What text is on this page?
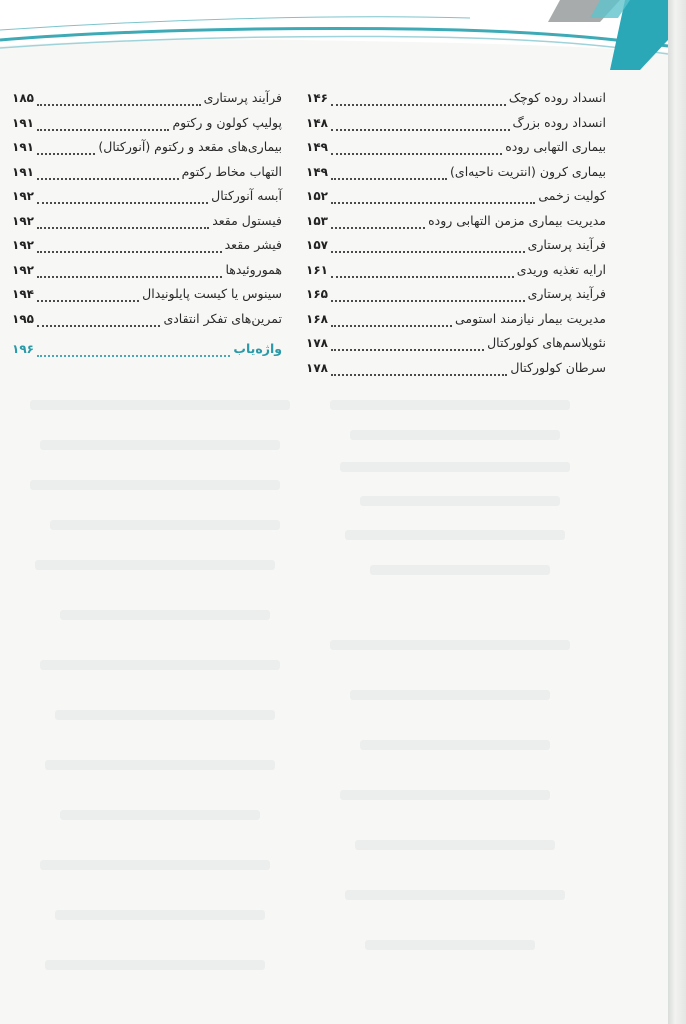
انسداد روده کوچک
۱۴۶
انسداد روده بزرگ
۱۴۸
بیماری التهابی روده
۱۴۹
بیماری کرون (انتریت ناحیه‌ای)
۱۴۹
کولیت زخمی
۱۵۲
مدیریت بیماری مزمن التهابی روده
۱۵۳
فرآیند پرستاری
۱۵۷
ارایه تغذیه وریدی
۱۶۱
فرآیند پرستاری
۱۶۵
مدیریت بیمار نیازمند استومی
۱۶۸
نئوپلاسم‌های کولورکتال
۱۷۸
سرطان کولورکتال
۱۷۸
فرآیند پرستاری
۱۸۵
پولیپ کولون و رکتوم
۱۹۱
بیماری‌های مقعد و رکتوم (آنورکتال)
۱۹۱
التهاب مخاط رکتوم
۱۹۱
آبسه آنورکتال
۱۹۲
فیستول مقعد
۱۹۲
فیشر مقعد
۱۹۲
هموروئیدها
۱۹۲
سینوس یا کیست پایلونیدال
۱۹۴
تمرین‌های تفکر انتقادی
۱۹۵
واژه‌یاب
۱۹۶
